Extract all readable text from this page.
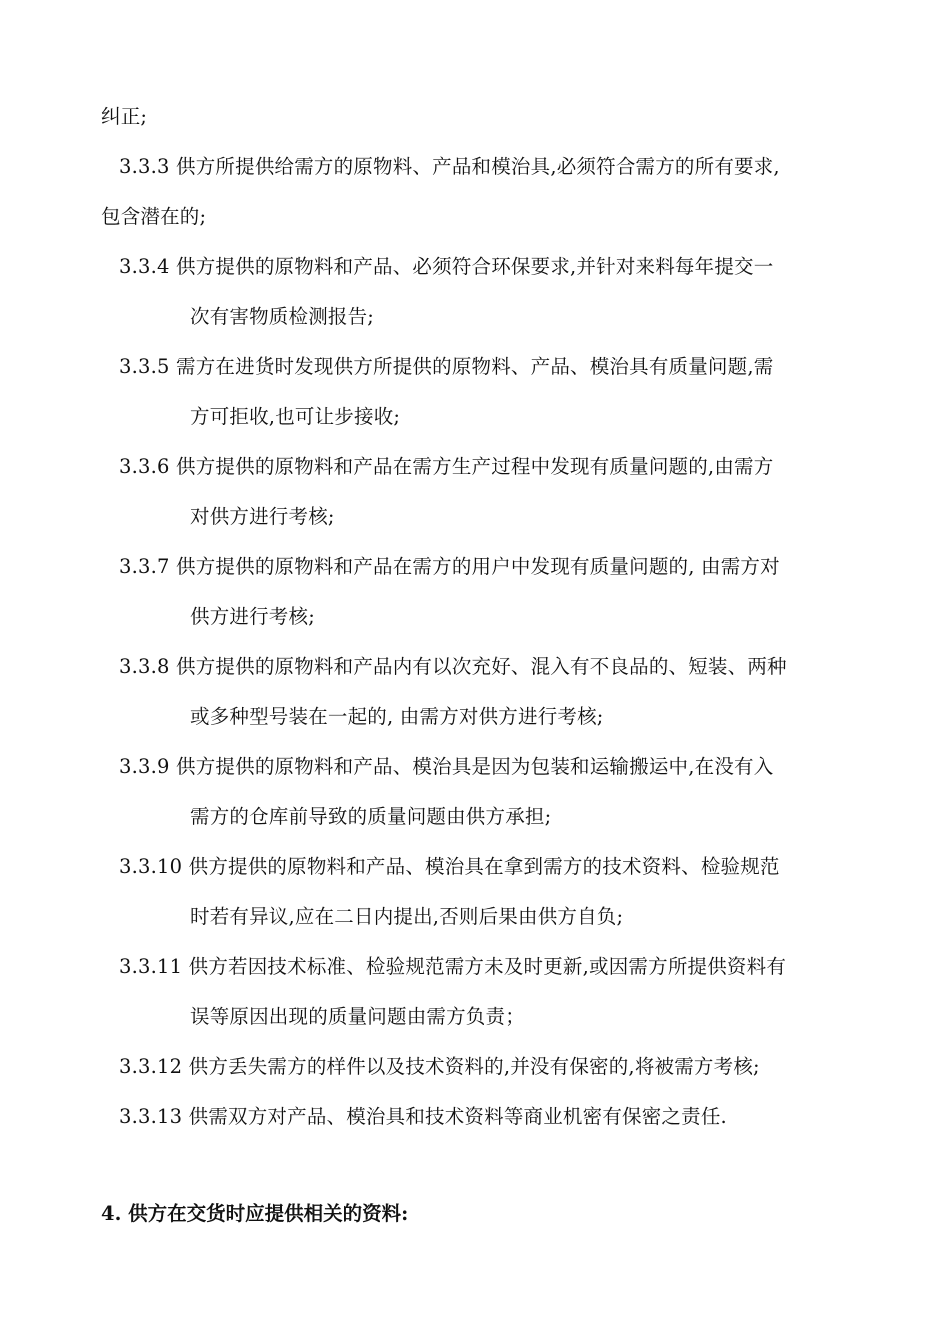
纠正;
3.3.3 供方所提供给需方的原物料、产品和模治具,必须符合需方的所有要求,
包含潜在的;
3.3.4 供方提供的原物料和产品、必须符合环保要求,并针对来料每年提交一
次有害物质检测报告;
3.3.5 需方在进货时发现供方所提供的原物料、产品、模治具有质量问题,需
方可拒收,也可让步接收;
3.3.6 供方提供的原物料和产品在需方生产过程中发现有质量问题的,由需方
对供方进行考核;
3.3.7 供方提供的原物料和产品在需方的用户中发现有质量问题的, 由需方对
供方进行考核;
3.3.8 供方提供的原物料和产品内有以次充好、混入有不良品的、短装、两种
或多种型号装在一起的, 由需方对供方进行考核;
3.3.9 供方提供的原物料和产品、模治具是因为包装和运输搬运中,在没有入
需方的仓库前导致的质量问题由供方承担;
3.3.10 供方提供的原物料和产品、模治具在拿到需方的技术资料、检验规范
时若有异议,应在二日内提出,否则后果由供方自负;
3.3.11 供方若因技术标准、检验规范需方未及时更新,或因需方所提供资料有
误等原因出现的质量问题由需方负责；
3.3.12 供方丢失需方的样件以及技术资料的,并没有保密的,将被需方考核;
3.3.13 供需双方对产品、模治具和技术资料等商业机密有保密之责任.
4. 供方在交货时应提供相关的资料:
